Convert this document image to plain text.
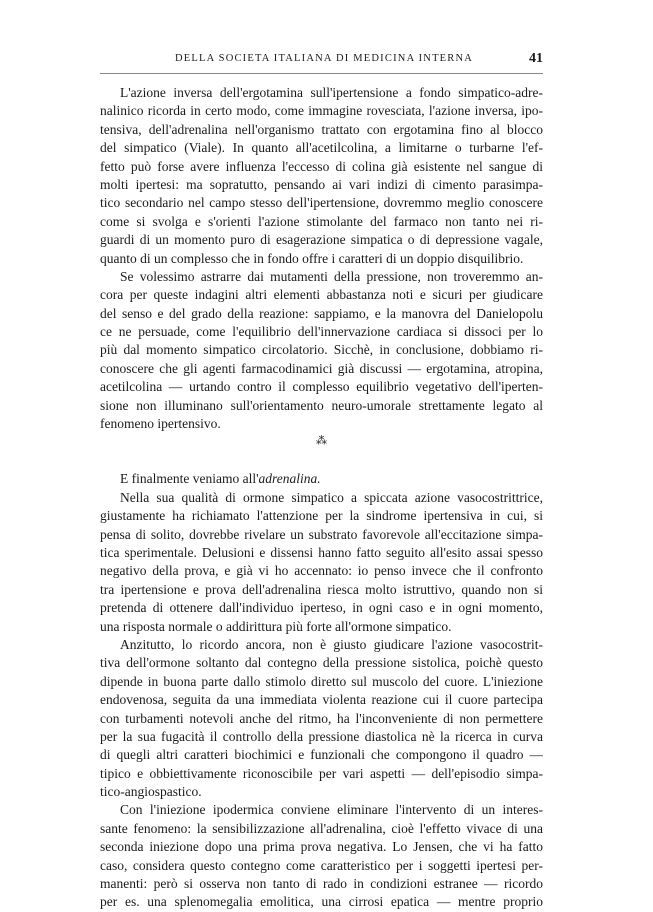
DELLA SOCIETA ITALIANA DI MEDICINA INTERNA	41
L'azione inversa dell'ergotamina sull'ipertensione a fondo simpatico-adre-
nalinico ricorda in certo modo, come immagine rovesciata, l'azione inversa, ipo-
tensiva, dell'adrenalina nell'organismo trattato con ergotamina fino al blocco
del simpatico (Viale). In quanto all'acetilcolina, a limitarne o turbarne l'ef-
fetto può forse avere influenza l'eccesso di colina già esistente nel sangue di
molti ipertesi: ma sopratutto, pensando ai vari indizi di cimento parasimpa-
tico secondario nel campo stesso dell'ipertensione, dovremmo meglio conoscere
come si svolga e s'orienti l'azione stimolante del farmaco non tanto nei ri-
guardi di un momento puro di esagerazione simpatica o di depressione vagale,
quanto di un complesso che in fondo offre i caratteri di un doppio disquilibrio.
Se volessimo astrarre dai mutamenti della pressione, non troveremmo an-
cora per queste indagini altri elementi abbastanza noti e sicuri per giudicare
del senso e del grado della reazione: sappiamo, e la manovra del Danielopolu
ce ne persuade, come l'equilibrio dell'innervazione cardiaca si dissoci per lo
più dal momento simpatico circolatorio. Sicchè, in conclusione, dobbiamo ri-
conoscere che gli agenti farmacodinamici già discussi — ergotamina, atropina,
acetilcolina — urtando contro il complesso equilibrio vegetativo dell'iperten-
sione non illuminano sull'orientamento neuro-umorale strettamente legato al
fenomeno ipertensivo.
⁂
E finalmente veniamo all'adrenalina.
Nella sua qualità di ormone simpatico a spiccata azione vasocostrittrice,
giustamente ha richiamato l'attenzione per la sindrome ipertensiva in cui, si
pensa di solito, dovrebbe rivelare un substrato favorevole all'eccitazione simpa-
tica sperimentale. Delusioni e dissensi hanno fatto seguito all'esito assai spesso
negativo della prova, e già vi ho accennato: io penso invece che il confronto
tra ipertensione e prova dell'adrenalina riesca molto istruttivo, quando non si
pretenda di ottenere dall'individuo iperteso, in ogni caso e in ogni momento,
una risposta normale o addirittura più forte all'ormone simpatico.
Anzitutto, lo ricordo ancora, non è giusto giudicare l'azione vasocostrit-
tiva dell'ormone soltanto dal contegno della pressione sistolica, poichè questo
dipende in buona parte dallo stimolo diretto sul muscolo del cuore. L'iniezione
endovenosa, seguita da una immediata violenta reazione cui il cuore partecipa
con turbamenti notevoli anche del ritmo, ha l'inconveniente di non permettere
per la sua fugacità il controllo della pressione diastolica nè la ricerca in curva
di quegli altri caratteri biochimici e funzionali che compongono il quadro —
tipico e obbiettivamente riconoscibile per vari aspetti — dell'episodio simpa-
tico-angiospastico.
Con l'iniezione ipodermica conviene eliminare l'intervento di un interes-
sante fenomeno: la sensibilizzazione all'adrenalina, cioè l'effetto vivace di una
seconda iniezione dopo una prima prova negativa. Lo Jensen, che vi ha fatto
caso, considera questo contegno come caratteristico per i soggetti ipertesi per-
manenti: però si osserva non tanto di rado in condizioni estranee — ricordo
per es. una splenomegalia emolitica, una cirrosi epatica — mentre proprio
